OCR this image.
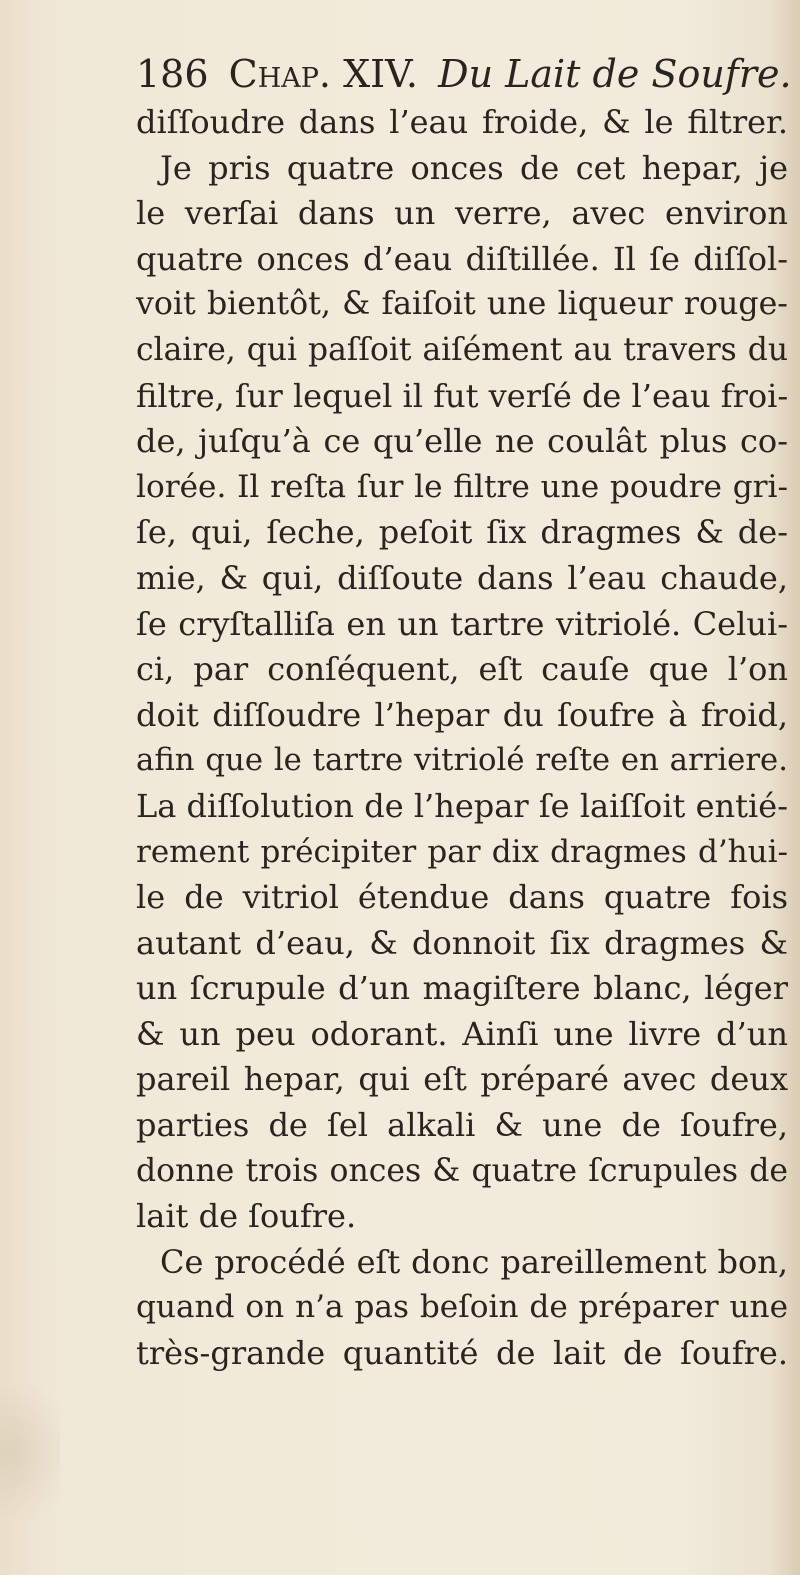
186 Chap. XIV. Du Lait de Soufre.
diſſoudre dans l’eau froide, & le filtrer.
Je pris quatre onces de cet hepar, je
le verſai dans un verre, avec environ
quatre onces d’eau diſtillée. Il ſe diſſol-
voit bientôt, & faiſoit une liqueur rouge-
claire, qui paſſoit aiſément au travers du
filtre, ſur lequel il fut verſé de l’eau froi-
de, juſqu’à ce qu’elle ne coulât plus co-
lorée. Il reſta ſur le filtre une poudre gri-
ſe, qui, ſeche, peſoit ſix dragmes & de-
mie, & qui, diſſoute dans l’eau chaude,
ſe cryſtalliſa en un tartre vitriolé. Celui-
ci, par conſéquent, eſt cauſe que l’on
doit diſſoudre l’hepar du ſoufre à froid,
afin que le tartre vitriolé reſte en arriere.
La diſſolution de l’hepar ſe laiſſoit entié-
rement précipiter par dix dragmes d’hui-
le de vitriol étendue dans quatre fois
autant d’eau, & donnoit ſix dragmes &
un ſcrupule d’un magiſtere blanc, léger
& un peu odorant. Ainſi une livre d’un
pareil hepar, qui eſt préparé avec deux
parties de ſel alkali & une de ſoufre,
donne trois onces & quatre ſcrupules de
lait de ſoufre.
Ce procédé eſt donc pareillement bon,
quand on n’a pas beſoin de préparer une
très-grande quantité de lait de ſoufre.
